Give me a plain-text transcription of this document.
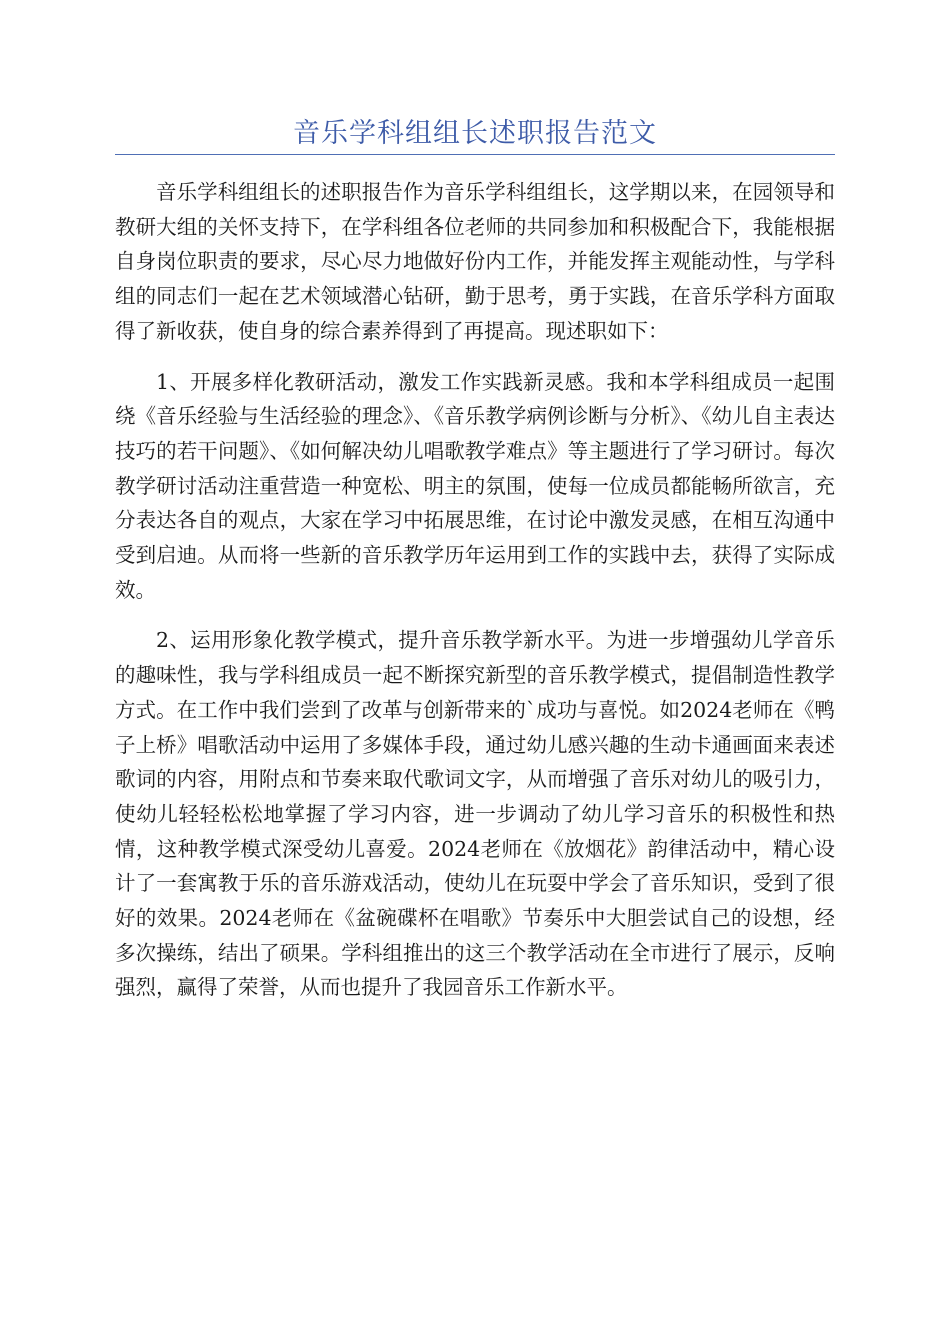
音乐学科组组长述职报告范文

音乐学科组组长的述职报告作为音乐学科组组长，这学期以来，在园领导和教研大组的关怀支持下，在学科组各位老师的共同参加和积极配合下，我能根据自身岗位职责的要求，尽心尽力地做好份内工作，并能发挥主观能动性，与学科组的同志们一起在艺术领域潜心钻研，勤于思考，勇于实践，在音乐学科方面取得了新收获，使自身的综合素养得到了再提高。现述职如下：

1、开展多样化教研活动，激发工作实践新灵感。我和本学科组成员一起围绕《音乐经验与生活经验的理念》、《音乐教学病例诊断与分析》、《幼儿自主表达技巧的若干问题》、《如何解决幼儿唱歌教学难点》等主题进行了学习研讨。每次教学研讨活动注重营造一种宽松、明主的氛围，使每一位成员都能畅所欲言，充分表达各自的观点，大家在学习中拓展思维，在讨论中激发灵感，在相互沟通中受到启迪。从而将一些新的音乐教学历年运用到工作的实践中去，获得了实际成效。

2、运用形象化教学模式，提升音乐教学新水平。为进一步增强幼儿学音乐的趣味性，我与学科组成员一起不断探究新型的音乐教学模式，提倡制造性教学方式。在工作中我们尝到了改革与创新带来的`成功与喜悦。如2024老师在《鸭子上桥》唱歌活动中运用了多媒体手段，通过幼儿感兴趣的生动卡通画面来表述歌词的内容，用附点和节奏来取代歌词文字，从而增强了音乐对幼儿的吸引力，使幼儿轻轻松松地掌握了学习内容，进一步调动了幼儿学习音乐的积极性和热情，这种教学模式深受幼儿喜爱。2024老师在《放烟花》韵律活动中，精心设计了一套寓教于乐的音乐游戏活动，使幼儿在玩耍中学会了音乐知识，受到了很好的效果。2024老师在《盆碗碟杯在唱歌》节奏乐中大胆尝试自己的设想，经多次操练，结出了硕果。学科组推出的这三个教学活动在全市进行了展示，反响强烈，赢得了荣誉，从而也提升了我园音乐工作新水平。
